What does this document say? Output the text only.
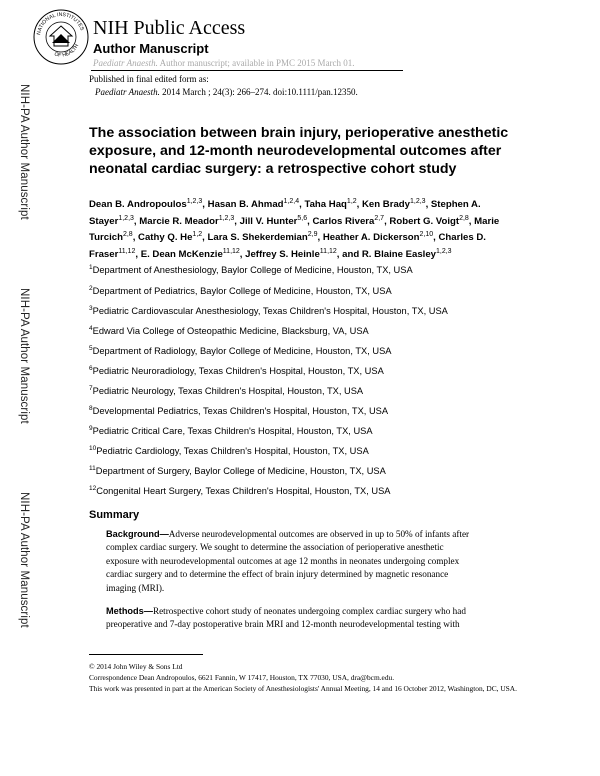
NATIONAL INSTITUTES
OF HEALTH
NIH Public Access
Author Manuscript
Paediatr Anaesth. Author manuscript; available in PMC 2015 March 01.
Published in final edited form as:
Paediatr Anaesth. 2014 March ; 24(3): 266–274. doi:10.1111/pan.12350.
NIH-PA Author Manuscript
NIH-PA Author Manuscript
NIH-PA Author Manuscript
The association between brain injury, perioperative anesthetic exposure, and 12-month neurodevelopmental outcomes after neonatal cardiac surgery: a retrospective cohort study
Dean B. Andropoulos$^{1,2,3}$, Hasan B. Ahmad$^{1,2,4}$, Taha Haq$^{1,2}$, Ken Brady$^{1,2,3}$, Stephen A. Stayer$^{1,2,3}$, Marcie R. Meador$^{1,2,3}$, Jill V. Hunter$^{5,6}$, Carlos Rivera$^{2,7}$, Robert G. Voigt$^{2,8}$, Marie Turcich$^{2,8}$, Cathy Q. He$^{1,2}$, Lara S. Shekerdemian$^{2,9}$, Heather A. Dickerson$^{2,10}$, Charles D. Fraser$^{11,12}$, E. Dean McKenzie$^{11,12}$, Jeffrey S. Heinle$^{11,12}$, and R. Blaine Easley$^{1,2,3}$
$^1$Department of Anesthesiology, Baylor College of Medicine, Houston, TX, USA
$^2$Department of Pediatrics, Baylor College of Medicine, Houston, TX, USA
$^3$Pediatric Cardiovascular Anesthesiology, Texas Children's Hospital, Houston, TX, USA
$^4$Edward Via College of Osteopathic Medicine, Blacksburg, VA, USA
$^5$Department of Radiology, Baylor College of Medicine, Houston, TX, USA
$^6$Pediatric Neuroradiology, Texas Children's Hospital, Houston, TX, USA
$^7$Pediatric Neurology, Texas Children's Hospital, Houston, TX, USA
$^8$Developmental Pediatrics, Texas Children's Hospital, Houston, TX, USA
$^9$Pediatric Critical Care, Texas Children's Hospital, Houston, TX, USA
$^{10}$Pediatric Cardiology, Texas Children's Hospital, Houston, TX, USA
$^{11}$Department of Surgery, Baylor College of Medicine, Houston, TX, USA
$^{12}$Congenital Heart Surgery, Texas Children's Hospital, Houston, TX, USA
Summary
Background—Adverse neurodevelopmental outcomes are observed in up to 50% of infants after
complex cardiac surgery. We sought to determine the association of perioperative anesthetic
exposure with neurodevelopmental outcomes at age 12 months in neonates undergoing complex
cardiac surgery and to determine the effect of brain injury determined by magnetic resonance
imaging (MRI).
Methods—Retrospective cohort study of neonates undergoing complex cardiac surgery who had
preoperative and 7-day postoperative brain MRI and 12-month neurodevelopmental testing with
© 2014 John Wiley & Sons Ltd
Correspondence Dean Andropoulos, 6621 Fannin, W 17417, Houston, TX 77030, USA, dra@bcm.edu.
This work was presented in part at the American Society of Anesthesiologists' Annual Meeting, 14 and 16 October 2012, Washington, DC, USA.
